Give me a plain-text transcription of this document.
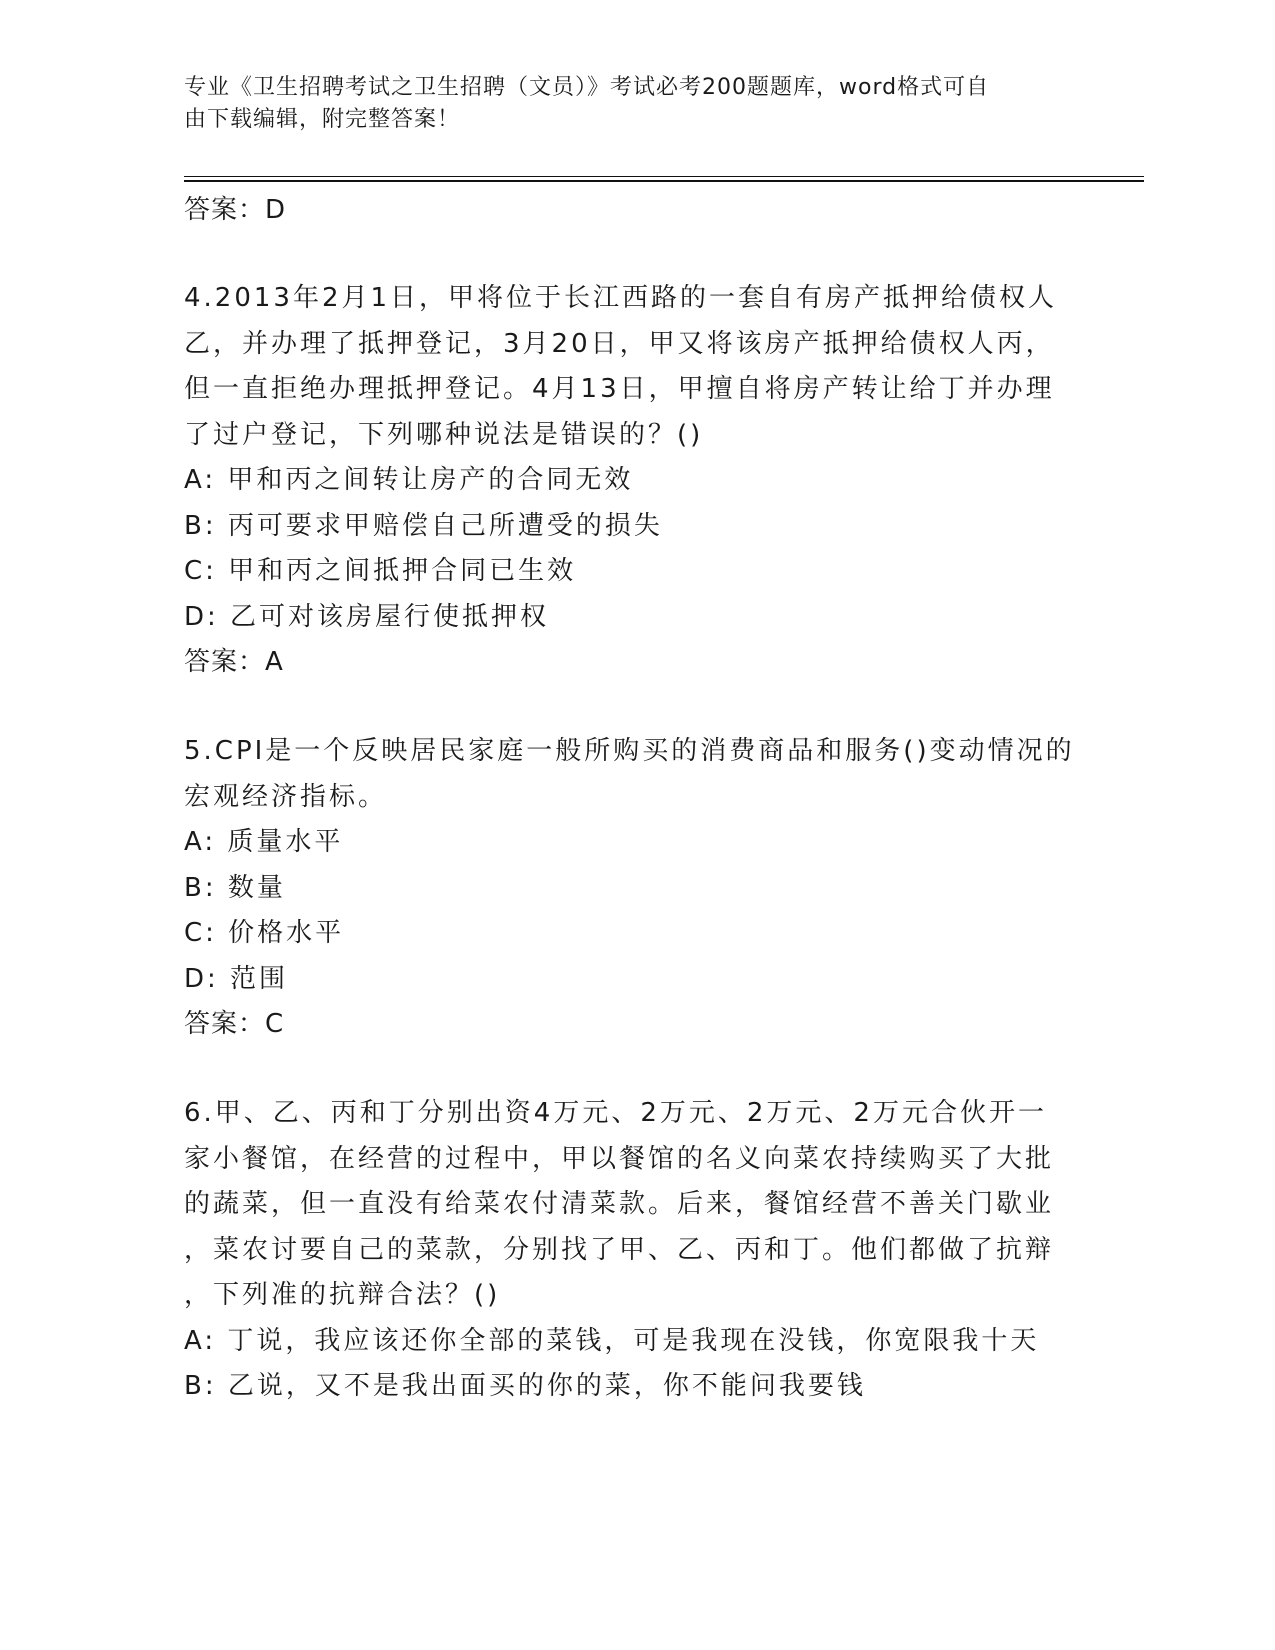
专业《卫生招聘考试之卫生招聘（文员）》考试必考200题题库，word格式可自
由下载编辑，附完整答案！
答案：D
4.2013年2月1日，甲将位于长江西路的一套自有房产抵押给债权人
乙，并办理了抵押登记，3月20日，甲又将该房产抵押给债权人丙，
但一直拒绝办理抵押登记。4月13日，甲擅自将房产转让给丁并办理
了过户登记，下列哪种说法是错误的？()
A: 甲和丙之间转让房产的合同无效
B: 丙可要求甲赔偿自己所遭受的损失
C: 甲和丙之间抵押合同已生效
D: 乙可对该房屋行使抵押权
答案：A
5.CPI是一个反映居民家庭一般所购买的消费商品和服务()变动情况的
宏观经济指标。
A: 质量水平
B: 数量
C: 价格水平
D: 范围
答案：C
6.甲、乙、丙和丁分别出资4万元、2万元、2万元、2万元合伙开一
家小餐馆，在经营的过程中，甲以餐馆的名义向菜农持续购买了大批
的蔬菜，但一直没有给菜农付清菜款。后来，餐馆经营不善关门歇业
，菜农讨要自己的菜款，分别找了甲、乙、丙和丁。他们都做了抗辩
，下列准的抗辩合法？()
A: 丁说，我应该还你全部的菜钱，可是我现在没钱，你宽限我十天
B: 乙说，又不是我出面买的你的菜，你不能问我要钱
